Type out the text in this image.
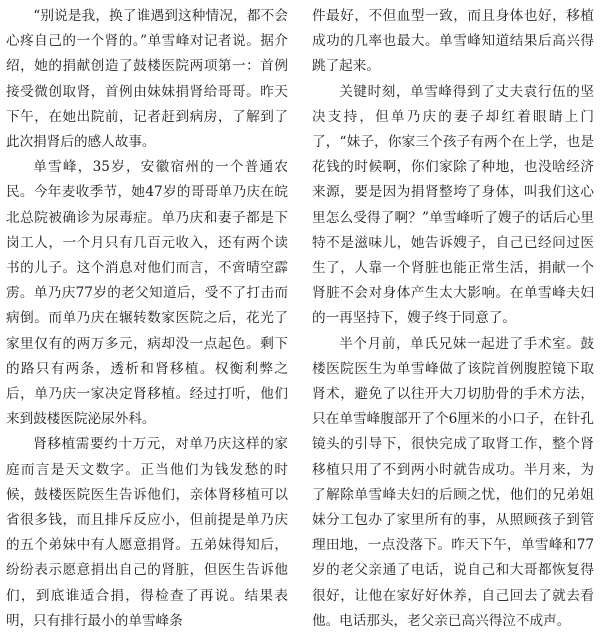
“别说是我，换了谁遇到这种情况，都不会心疼自己的一个肾的。”单雪峰对记者说。据介绍，她的捐献创造了鼓楼医院两项第一：首例接受微创取肾，首例由妹妹捐肾给哥哥。昨天下午，在她出院前，记者赶到病房，了解到了此次捐肾后的感人故事。

单雪峰，35岁，安徽宿州的一个普通农民。今年麦收季节，她47岁的哥哥单乃庆在皖北总院被确诊为尿毒症。单乃庆和妻子都是下岗工人，一个月只有几百元收入，还有两个读书的儿子。这个消息对他们而言，不啻晴空霹雳。单乃庆77岁的老父知道后，受不了打击而病倒。而单乃庆在辗转数家医院之后，花光了家里仅有的两万多元，病却没一点起色。剩下的路只有两条，透析和肾移植。权衡利弊之后，单乃庆一家决定肾移植。经过打听，他们来到鼓楼医院泌尿外科。

肾移植需要约十万元，对单乃庆这样的家庭而言是天文数字。正当他们为钱发愁的时候，鼓楼医院医生告诉他们，亲体肾移植可以省很多钱，而且排斥反应小，但前提是单乃庆的五个弟妹中有人愿意捐肾。五弟妹得知后，纷纷表示愿意捐出自己的肾脏，但医生告诉他们，到底谁适合捐，得检查了再说。结果表明，只有排行最小的单雪峰条

件最好，不但血型一致，而且身体也好，移植成功的几率也最大。单雪峰知道结果后高兴得跳了起来。

关键时刻，单雪峰得到了丈夫袁行伍的坚决支持，但单乃庆的妻子却红着眼睛上门了，“妹子，你家三个孩子有两个在上学，也是花钱的时候啊，你们家除了种地，也没啥经济来源，要是因为捐肾整垮了身体，叫我们这心里怎么受得了啊？”单雪峰听了嫂子的话后心里特不是滋味儿，她告诉嫂子，自己已经问过医生了，人靠一个肾脏也能正常生活，捐献一个肾脏不会对身体产生太大影响。在单雪峰夫妇的一再坚持下，嫂子终于同意了。

半个月前，单氏兄妹一起进了手术室。鼓楼医院医生为单雪峰做了该院首例腹腔镜下取肾术，避免了以往开大刀切肋骨的手术方法，只在单雪峰腹部开了个6厘米的小口子，在针孔镜头的引导下，很快完成了取肾工作，整个肾移植只用了不到两小时就告成功。半月来，为了解除单雪峰夫妇的后顾之忧，他们的兄弟姐妹分工包办了家里所有的事，从照顾孩子到管理田地，一点没落下。昨天下午，单雪峰和77岁的老父亲通了电话，说自己和大哥都恢复得很好，让他在家好好休养，自己回去了就去看他。电话那头，老父亲已高兴得泣不成声。
